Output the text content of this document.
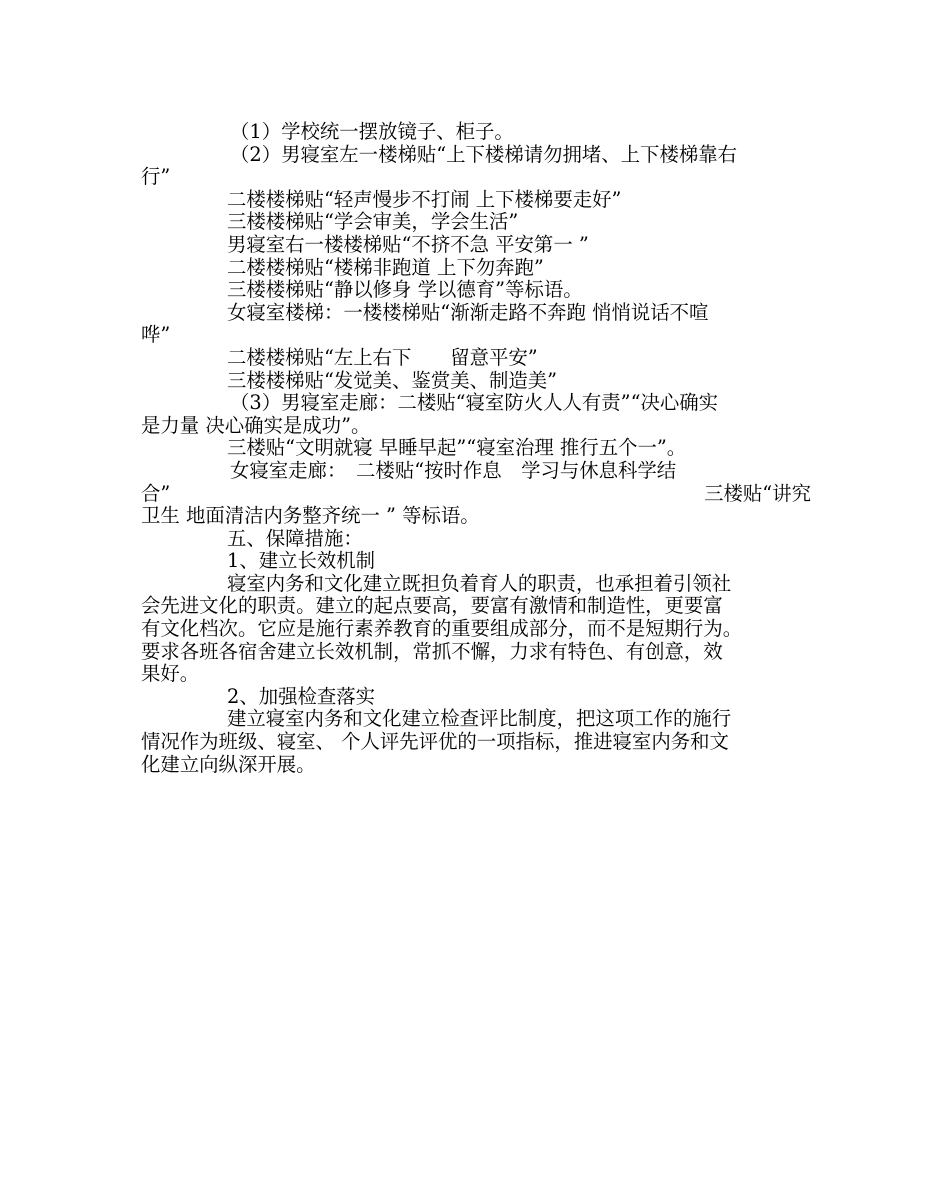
（1）学校统一摆放镜子、柜子。
（2）男寝室左一楼梯贴“上下楼梯请勿拥堵、上下楼梯靠右
行”
二楼楼梯贴“轻声慢步不打闹 上下楼梯要走好”
三楼楼梯贴“学会审美，学会生活”
男寝室右一楼楼梯贴“不挤不急 平安第一 ”
二楼楼梯贴“楼梯非跑道 上下勿奔跑”
三楼楼梯贴“静以修身 学以德育”等标语。
女寝室楼梯：一楼楼梯贴“渐渐走路不奔跑 悄悄说话不喧
哗”
二楼楼梯贴“左上右下　　留意平安”
三楼楼梯贴“发觉美、鉴赏美、制造美”
（3）男寝室走廊：二楼贴“寝室防火人人有责”“决心确实
是力量 决心确实是成功”。
三楼贴“文明就寝 早睡早起”“寝室治理 推行五个一”。
女寝室走廊：　二楼贴“按时作息　学习与休息科学结
合”	三楼贴“讲究
卫生 地面清洁内务整齐统一 ” 等标语。
五、保障措施：
1、建立长效机制
寝室内务和文化建立既担负着育人的职责，也承担着引领社
会先进文化的职责。建立的起点要高，要富有激情和制造性，更要富
有文化档次。它应是施行素养教育的重要组成部分，而不是短期行为。
要求各班各宿舍建立长效机制，常抓不懈，力求有特色、有创意，效
果好。
2、加强检查落实
建立寝室内务和文化建立检查评比制度，把这项工作的施行
情况作为班级、寝室、 个人评先评优的一项指标，推进寝室内务和文
化建立向纵深开展。
